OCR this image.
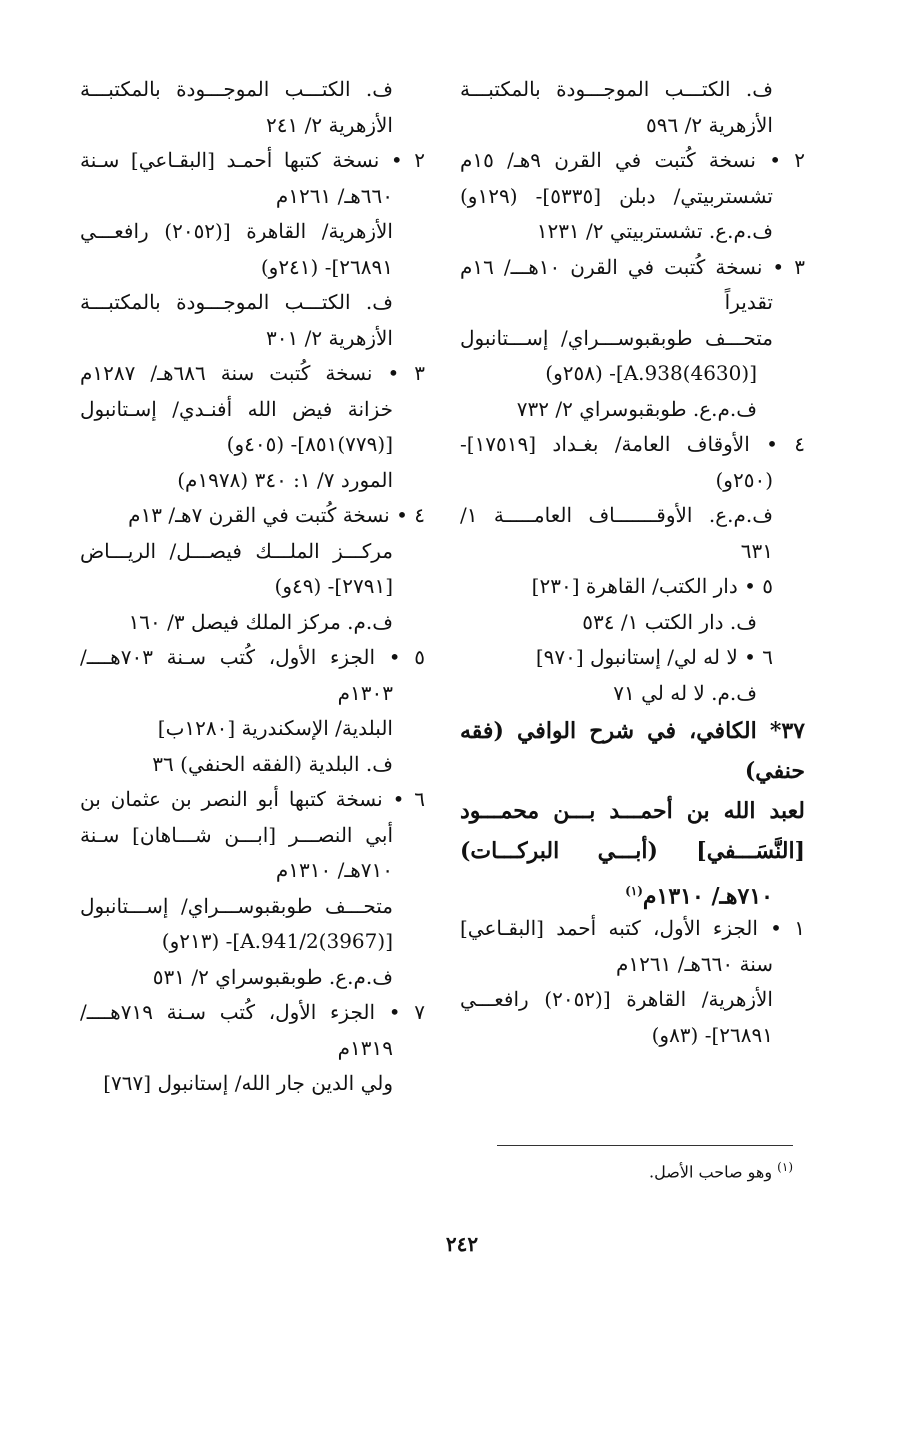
ف. الكتـــب الموجـــودة بالمكتبـــة
الأزهرية ٢/ ٥٩٦
٢ • نسخة كُتبت في القرن ٩هـ/ ١٥م
تشستربيتي/ دبلن [٥٣٣٥]- (١٢٩و)
ف.م.ع. تشستربيتي ٢/ ١٢٣١
٣ • نسخة كُتبت في القرن ١٠هـــ/ ١٦م
تقديراً
متحـــف طوبقبوســـراي/ إســـتانبول
[A.938(4630)]- (٢٥٨و)
ف.م.ع. طوبقبوسراي ٢/ ٧٣٢
٤ • الأوقاف العامة/ بغـداد [١٧٥١٩]-
(٢٥٠و)
ف.م.ع. الأوقـــــــاف العامـــــة ١/
٦٣١
٥ • دار الكتب/ القاهرة [٢٣٠]
ف. دار الكتب ١/ ٥٣٤
٦ • لا له لي/ إستانبول [٩٧٠]
ف.م. لا له لي ٧١
٣٧* الكافي، في شرح الوافي (فقه
حنفي)
لعبد الله بن أحمـــد بـــن محمـــود
[النَّسَـــفي] (أبـــي البركـــات)
٧١٠هـ/ ١٣١٠م$^{(١)}$
١ • الجزء الأول، كتبه أحمد [البقـاعي]
سنة ٦٦٠هـ/ ١٢٦١م
الأزهرية/ القاهرة [(٢٠٥٢) رافعـــي
٢٦٨٩١]- (٨٣و)
ف. الكتـــب الموجـــودة بالمكتبـــة
الأزهرية ٢/ ٢٤١
٢ • نسخة كتبها أحمـد [البقـاعي] سـنة
٦٦٠هـ/ ١٢٦١م
الأزهرية/ القاهرة [(٢٠٥٢) رافعـــي
٢٦٨٩١]- (٢٤١و)
ف. الكتـــب الموجـــودة بالمكتبـــة
الأزهرية ٢/ ٣٠١
٣ • نسخة كُتبت سنة ٦٨٦هـ/ ١٢٨٧م
خزانة فيض الله أفنـدي/ إسـتانبول
[(٧٧٩)٨٥١]- (٤٠٥و)
المورد ٧/ ١: ٣٤٠ (١٩٧٨م)
٤ • نسخة كُتبت في القرن ٧هـ/ ١٣م
مركـــز الملـــك فيصـــل/ الريـــاض
[٢٧٩١]- (٤٩و)
ف.م. مركز الملك فيصل ٣/ ١٦٠
٥ • الجزء الأول، كُتب سـنة ٧٠٣هــــ/
١٣٠٣م
البلدية/ الإسكندرية [١٢٨٠ب]
ف. البلدية (الفقه الحنفي) ٣٦
٦ • نسخة كتبها أبو النصر بن عثمان بن
أبي النصـــر [ابـــن شـــاهان] سـنة
٧١٠هـ/ ١٣١٠م
متحـــف طوبقبوســـراي/ إســـتانبول
[A.941/2(3967)]- (٢١٣و)
ف.م.ع. طوبقبوسراي ٢/ ٥٣١
٧ • الجزء الأول، كُتب سـنة ٧١٩هــــ/
١٣١٩م
ولي الدين جار الله/ إستانبول [٧٦٧]
$^{(١)}$ وهو صاحب الأصل.
٢٤٢
